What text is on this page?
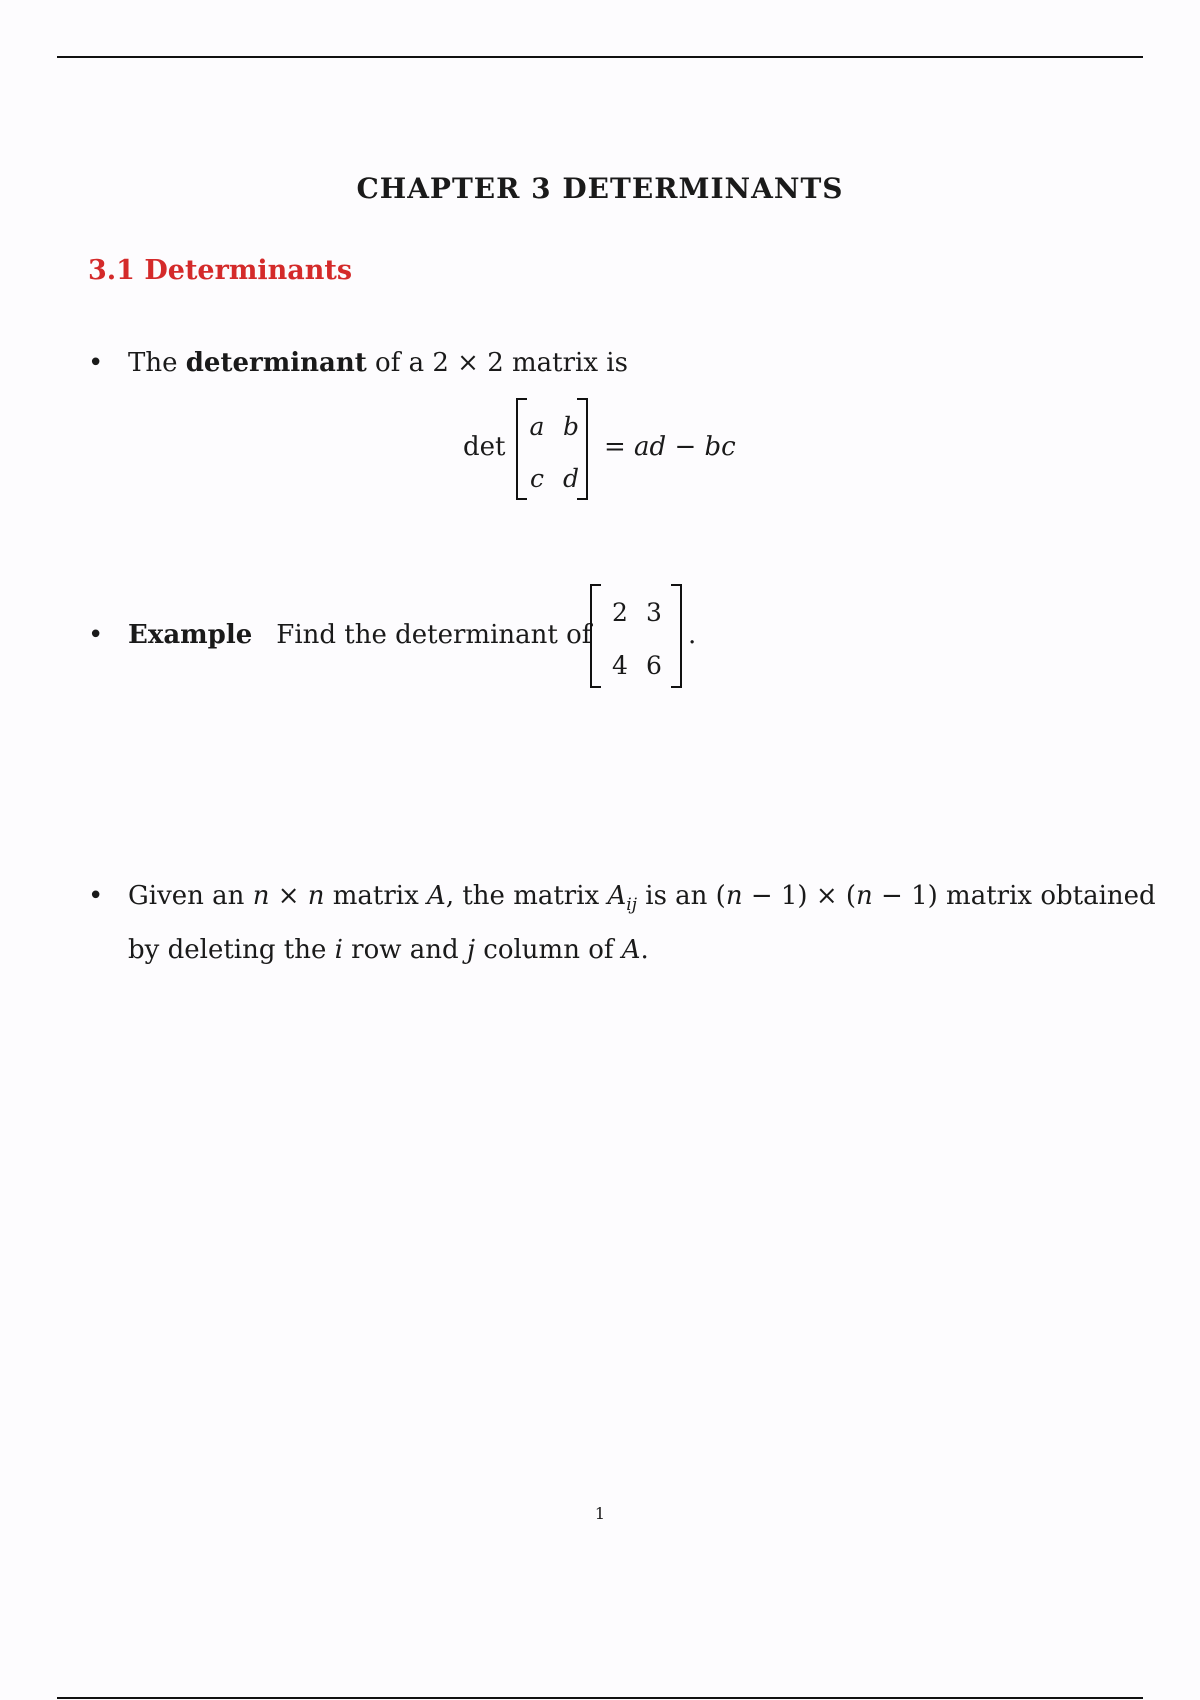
CHAPTER 3 DETERMINANTS
3.1 Determinants
• The determinant of a 2 × 2 matrix is
det
a b
c d
= ad − bc
• Example Find the determinant of
2 3
4 6
.
• Given an n × n matrix A, the matrix $A_{ij}$ is an (n − 1) × (n − 1) matrix obtained
by deleting the i row and j column of A.
1
